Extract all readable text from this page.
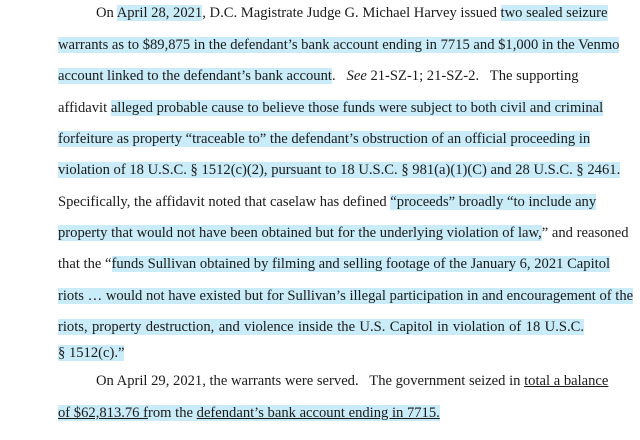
On April 28, 2021, D.C. Magistrate Judge G. Michael Harvey issued two sealed seizure
warrants as to $89,875 in the defendant’s bank account ending in 7715 and $1,000 in the Venmo
account linked to the defendant’s bank account.   See 21-SZ-1; 21-SZ-2.   The supporting
affidavit alleged probable cause to believe those funds were subject to both civil and criminal
forfeiture as property “traceable to” the defendant’s obstruction of an official proceeding in
violation of 18 U.S.C. § 1512(c)(2), pursuant to 18 U.S.C. § 981(a)(1)(C) and 28 U.S.C. § 2461.
Specifically, the affidavit noted that caselaw has defined “proceeds” broadly “to include any
property that would not have been obtained but for the underlying violation of law,” and reasoned
that the “funds Sullivan obtained by filming and selling footage of the January 6, 2021 Capitol
riots … would not have existed but for Sullivan’s illegal participation in and encouragement of the
riots, property destruction, and violence inside the U.S. Capitol in violation of 18 U.S.C.
§ 1512(c).”
On April 29, 2021, the warrants were served.   The government seized in total a balance
of $62,813.76 from the defendant’s bank account ending in 7715.
